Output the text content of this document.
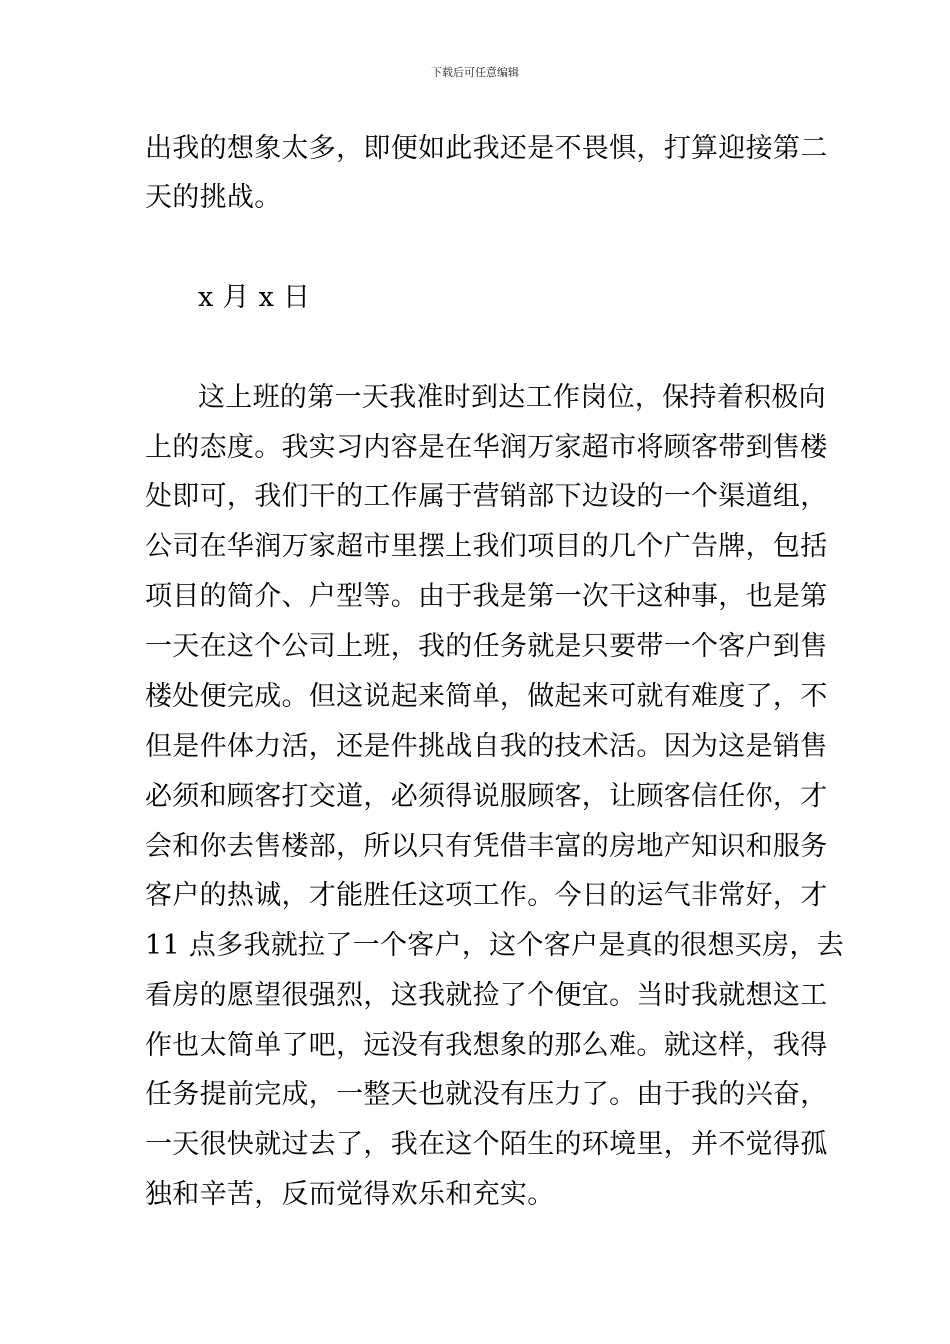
下载后可任意编辑
出我的想象太多，即便如此我还是不畏惧，打算迎接第二
天的挑战。
x 月 x 日
这上班的第一天我准时到达工作岗位，保持着积极向
上的态度。我实习内容是在华润万家超市将顾客带到售楼
处即可，我们干的工作属于营销部下边设的一个渠道组，
公司在华润万家超市里摆上我们项目的几个广告牌，包括
项目的简介、户型等。由于我是第一次干这种事，也是第
一天在这个公司上班，我的任务就是只要带一个客户到售
楼处便完成。但这说起来简单，做起来可就有难度了，不
但是件体力活，还是件挑战自我的技术活。因为这是销售
必须和顾客打交道，必须得说服顾客，让顾客信任你，才
会和你去售楼部，所以只有凭借丰富的房地产知识和服务
客户的热诚，才能胜任这项工作。今日的运气非常好，才
11 点多我就拉了一个客户，这个客户是真的很想买房，去
看房的愿望很强烈，这我就捡了个便宜。当时我就想这工
作也太简单了吧，远没有我想象的那么难。就这样，我得
任务提前完成，一整天也就没有压力了。由于我的兴奋，
一天很快就过去了，我在这个陌生的环境里，并不觉得孤
独和辛苦，反而觉得欢乐和充实。
